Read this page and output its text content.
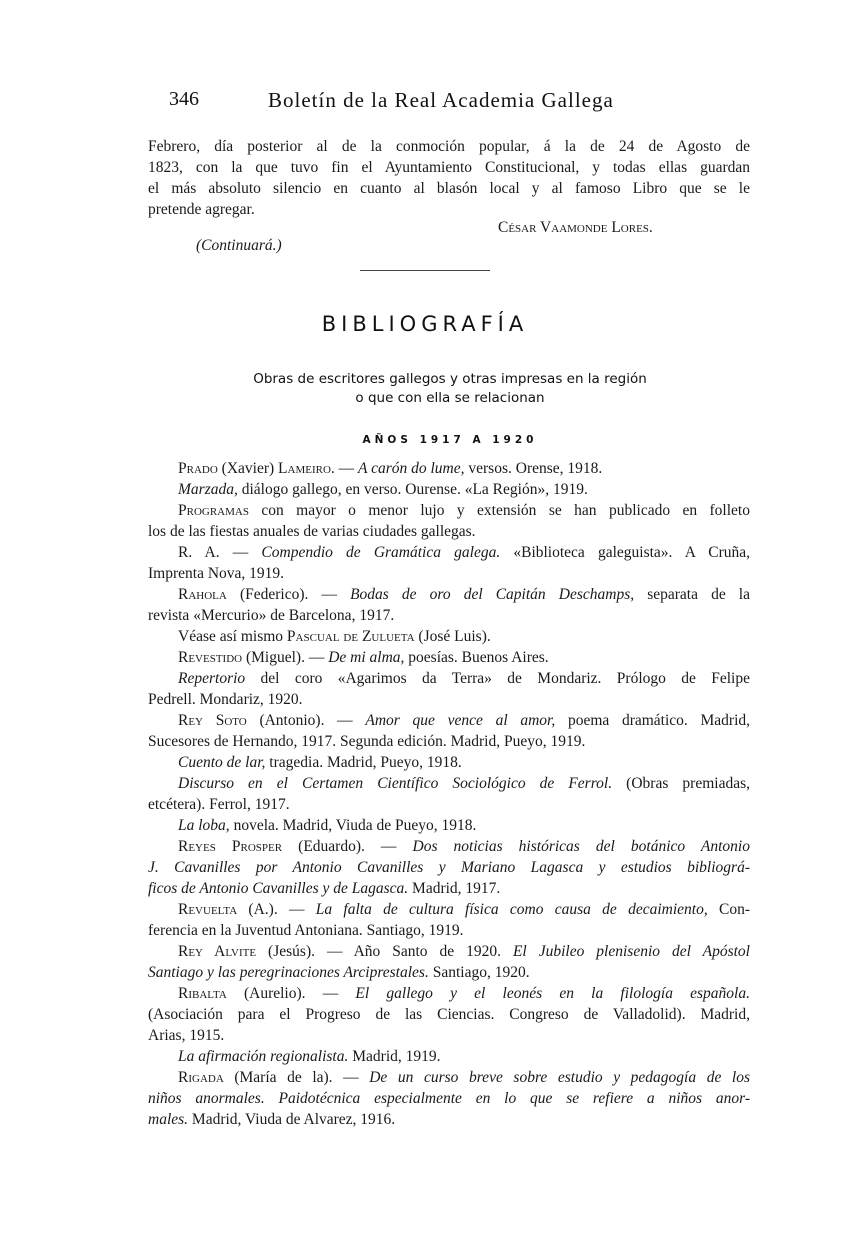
346	Boletín de la Real Academia Gallega
Febrero, día posterior al de la conmoción popular, á la de 24 de Agosto de
1823, con la que tuvo fin el Ayuntamiento Constitucional, y todas ellas guardan
el más absoluto silencio en cuanto al blasón local y al famoso Libro que se le
pretende agregar.
César Vaamonde Lores.
(Continuará.)
BIBLIOGRAFÍA
Obras de escritores gallegos y otras impresas en la región
o que con ella se relacionan
AÑOS 1917 A 1920
Prado (Xavier) Lameiro. — A carón do lume, versos. Orense, 1918.
Marzada, diálogo gallego, en verso. Ourense. «La Región», 1919.
Programas con mayor o menor lujo y extensión se han publicado en folleto
los de las fiestas anuales de varias ciudades gallegas.
R. A. — Compendio de Gramática galega. «Biblioteca galeguista». A Cruña,
Imprenta Nova, 1919.
Rahola (Federico). — Bodas de oro del Capitán Deschamps, separata de la
revista «Mercurio» de Barcelona, 1917.
Véase así mismo Pascual de Zulueta (José Luis).
Revestido (Miguel). — De mi alma, poesías. Buenos Aires.
Repertorio del coro «Agarimos da Terra» de Mondariz. Prólogo de Felipe
Pedrell. Mondariz, 1920.
Rey Soto (Antonio). — Amor que vence al amor, poema dramático. Madrid,
Sucesores de Hernando, 1917. Segunda edición. Madrid, Pueyo, 1919.
Cuento de lar, tragedia. Madrid, Pueyo, 1918.
Discurso en el Certamen Científico Sociológico de Ferrol. (Obras premiadas,
etcétera). Ferrol, 1917.
La loba, novela. Madrid, Viuda de Pueyo, 1918.
Reyes Prosper (Eduardo). — Dos noticias históricas del botánico Antonio
J. Cavanilles por Antonio Cavanilles y Mariano Lagasca y estudios bibliográ-
ficos de Antonio Cavanilles y de Lagasca. Madrid, 1917.
Revuelta (A.). — La falta de cultura física como causa de decaimiento, Con-
ferencia en la Juventud Antoniana. Santiago, 1919.
Rey Alvite (Jesús). — Año Santo de 1920. El Jubileo plenisenio del Apóstol
Santiago y las peregrinaciones Arciprestales. Santiago, 1920.
Ribalta (Aurelio). — El gallego y el leonés en la filología española.
(Asociación para el Progreso de las Ciencias. Congreso de Valladolid). Madrid,
Arias, 1915.
La afirmación regionalista. Madrid, 1919.
Rigada (María de la). — De un curso breve sobre estudio y pedagogía de los
niños anormales. Paidotécnica especialmente en lo que se refiere a niños anor-
males. Madrid, Viuda de Alvarez, 1916.
